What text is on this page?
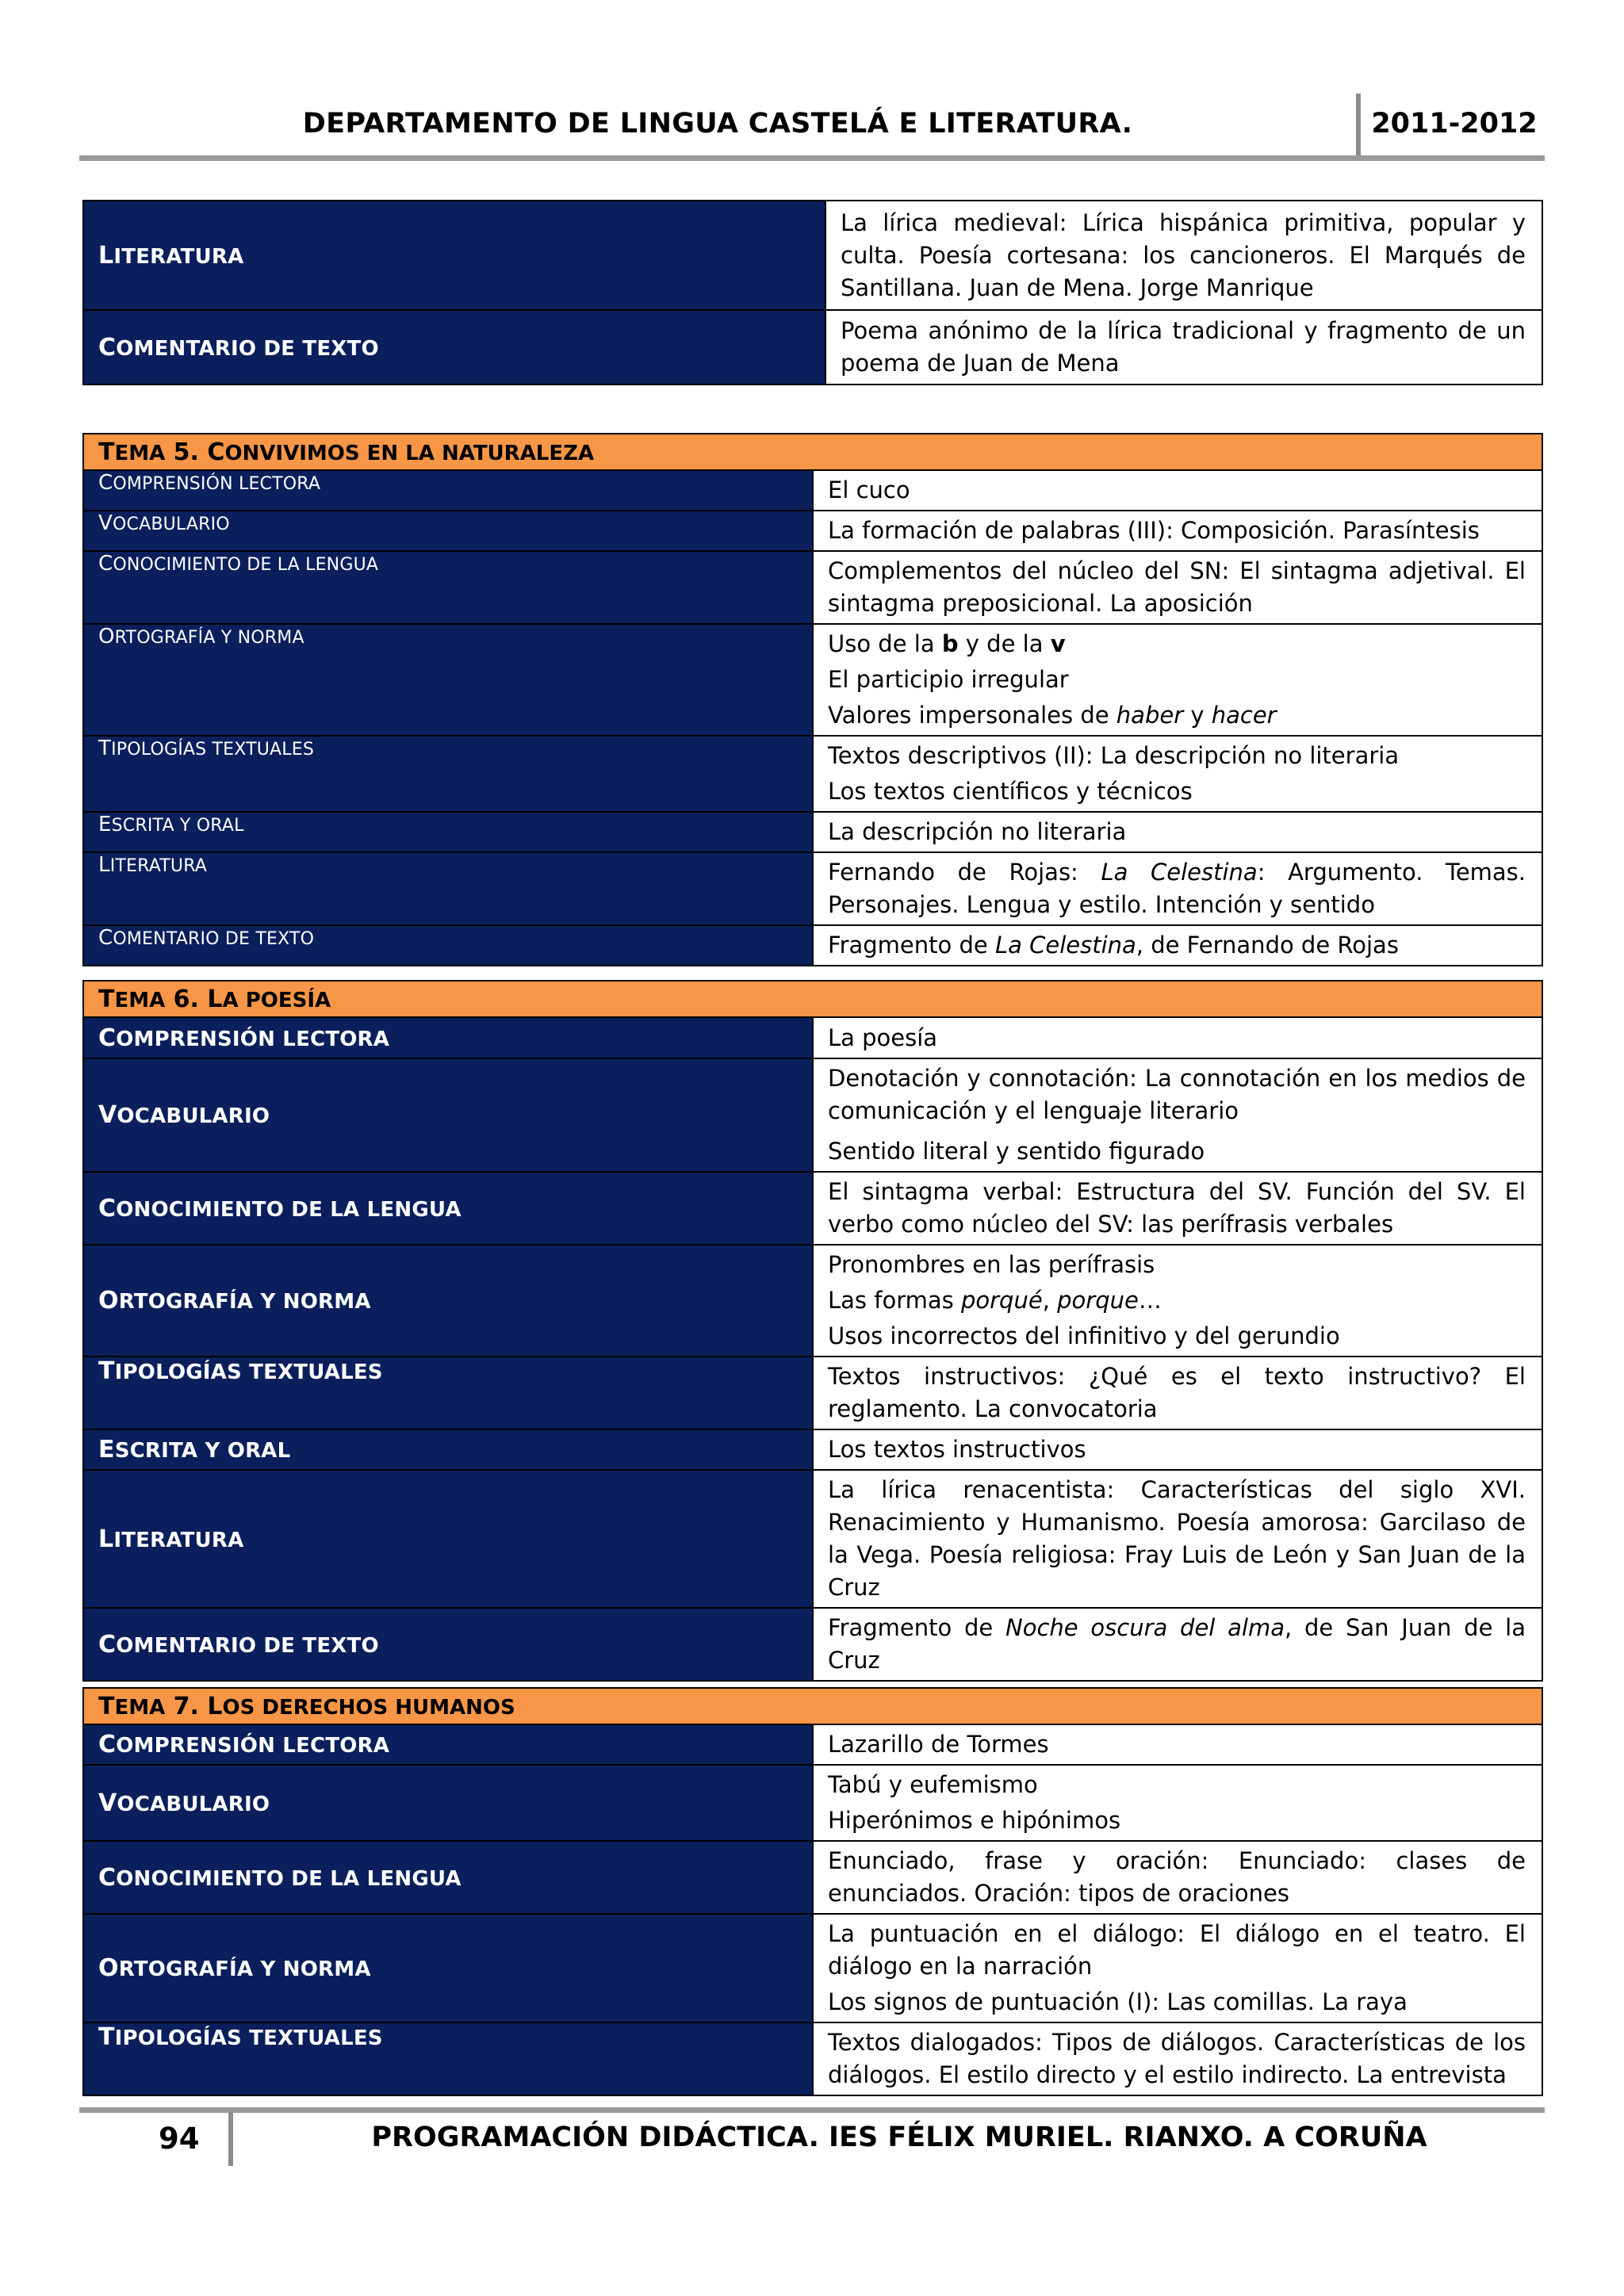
DEPARTAMENTO DE LINGUA CASTELÁ E LITERATURA.	2011-2012
LITERATURA	La lírica medieval: Lírica hispánica primitiva, popular y culta. Poesía cortesana: los cancioneros. El Marqués de Santillana. Juan de Mena. Jorge Manrique
COMENTARIO DE TEXTO	Poema anónimo de la lírica tradicional y fragmento de un poema de Juan de Mena
TEMA 5. CONVIVIMOS EN LA NATURALEZA	
COMPRENSIÓN LECTORA	El cuco

VOCABULARIO	La formación de palabras (III): Composición. Parasíntesis

CONOCIMIENTO DE LA LENGUA	Complementos del núcleo del SN: El sintagma adjetival. El sintagma preposicional. La aposición

ORTOGRAFÍA Y NORMA	Uso de la b y de la v

El participio irregular

Valores impersonales de haber y hacer

TIPOLOGÍAS TEXTUALES	Textos descriptivos (II): La descripción no literaria

Los textos científicos y técnicos

ESCRITA Y ORAL	La descripción no literaria

LITERATURA	Fernando de Rojas: La Celestina: Argumento. Temas. Personajes. Lengua y estilo. Intención y sentido

COMENTARIO DE TEXTO	Fragmento de La Celestina, de Fernando de Rojas

TEMA 6. LA POESÍA	
COMPRENSIÓN LECTORA	La poesía

VOCABULARIO	Denotación y connotación: La connotación en los medios de comunicación y el lenguaje literario

Sentido literal y sentido figurado

CONOCIMIENTO DE LA LENGUA	El sintagma verbal: Estructura del SV. Función del SV. El verbo como núcleo del SV: las perífrasis verbales

ORTOGRAFÍA Y NORMA	Pronombres en las perífrasis

Las formas porqué, porque…

Usos incorrectos del infinitivo y del gerundio

TIPOLOGÍAS TEXTUALES	Textos instructivos: ¿Qué es el texto instructivo? El reglamento. La convocatoria

ESCRITA Y ORAL	Los textos instructivos

LITERATURA	La lírica renacentista: Características del siglo XVI. Renacimiento y Humanismo. Poesía amorosa: Garcilaso de la Vega. Poesía religiosa: Fray Luis de León y San Juan de la Cruz

COMENTARIO DE TEXTO	Fragmento de Noche oscura del alma, de San Juan de la Cruz

TEMA 7. LOS DERECHOS HUMANOS	
COMPRENSIÓN LECTORA	Lazarillo de Tormes

VOCABULARIO	Tabú y eufemismo

Hiperónimos e hipónimos

CONOCIMIENTO DE LA LENGUA	Enunciado, frase y oración: Enunciado: clases de enunciados. Oración: tipos de oraciones

ORTOGRAFÍA Y NORMA	La puntuación en el diálogo: El diálogo en el teatro. El diálogo en la narración

Los signos de puntuación (I): Las comillas. La raya

TIPOLOGÍAS TEXTUALES	Textos dialogados: Tipos de diálogos. Características de los diálogos. El estilo directo y el estilo indirecto. La entrevista

94	PROGRAMACIÓN DIDÁCTICA. IES FÉLIX MURIEL. RIANXO. A CORUÑA
